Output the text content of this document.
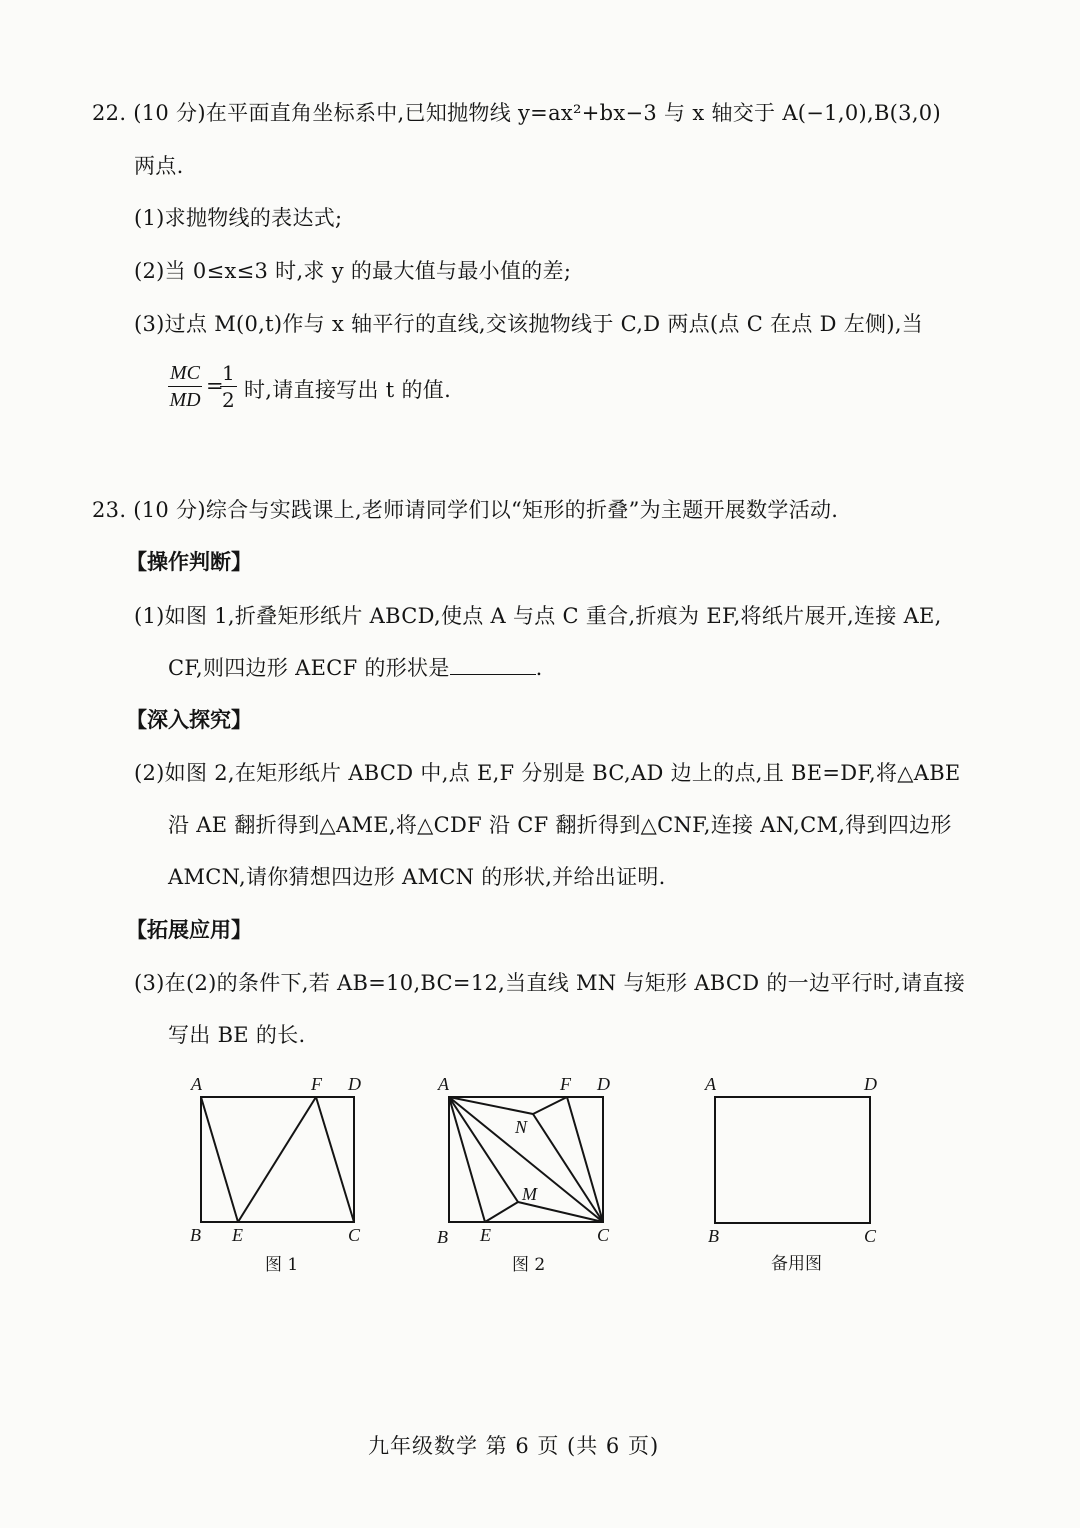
22. (10 分)在平面直角坐标系中,已知抛物线 y=ax²+bx−3 与 x 轴交于 A(−1,0),B(3,0)
两点.
(1)求抛物线的表达式;
(2)当 0≤x≤3 时,求 y 的最大值与最小值的差;
(3)过点 M(0,t)作与 x 轴平行的直线,交该抛物线于 C,D 两点(点 C 在点 D 左侧),当
$\frac{MC}{MD}$ =
$\frac{1}{2}$ 时,请直接写出 t 的值.
23. (10 分)综合与实践课上,老师请同学们以“矩形的折叠”为主题开展数学活动.
【操作判断】
(1)如图 1,折叠矩形纸片 ABCD,使点 A 与点 C 重合,折痕为 EF,将纸片展开,连接 AE,
CF,则四边形 AECF 的形状是	.
【深入探究】
(2)如图 2,在矩形纸片 ABCD 中,点 E,F 分别是 BC,AD 边上的点,且 BE=DF,将△ABE
沿 AE 翻折得到△AME,将△CDF 沿 CF 翻折得到△CNF,连接 AN,CM,得到四边形
AMCN,请你猜想四边形 AMCN 的形状,并给出证明.
【拓展应用】
(3)在(2)的条件下,若 AB=10,BC=12,当直线 MN 与矩形 ABCD 的一边平行时,请直接
写出 BE 的长.
A	F D
B E	C
A	F D
N
M
B E	C
A	D
B	C
图 1	图 2	备用图
九年级数学 第 6 页 (共 6 页)
